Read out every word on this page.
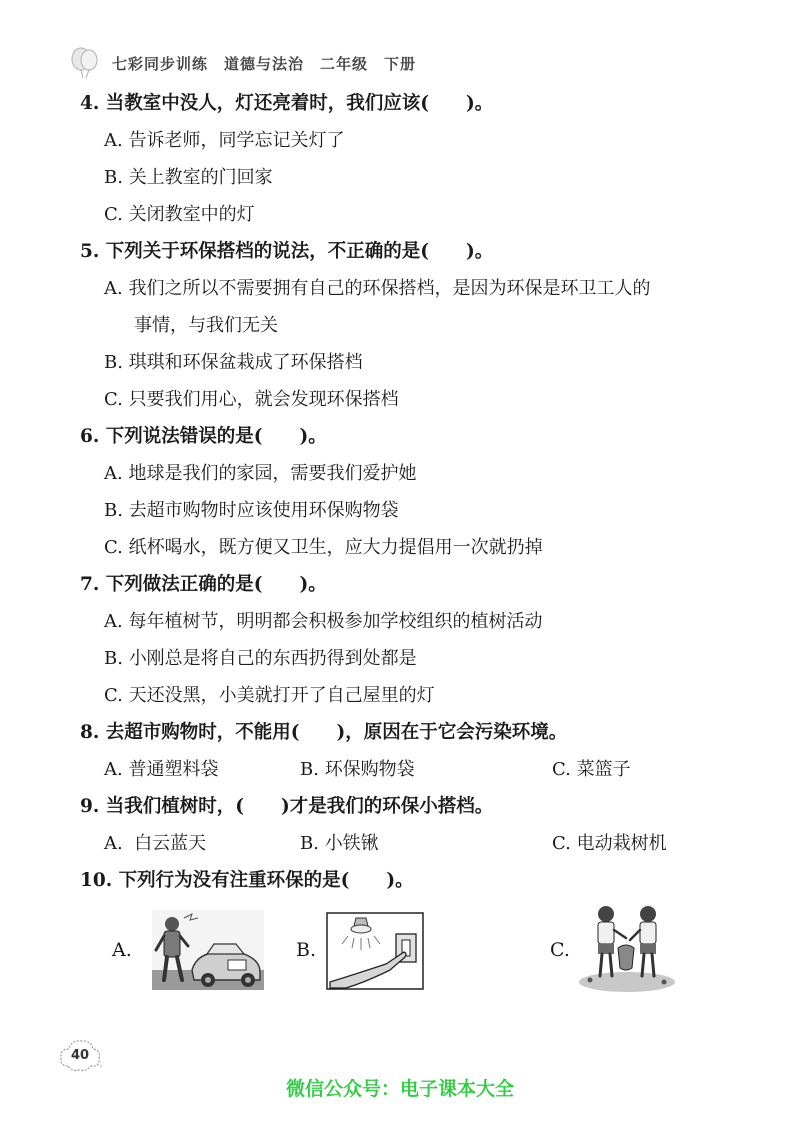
七彩同步训练　道德与法治　二年级　下册
4. 当教室中没人，灯还亮着时，我们应该(　　)。
A. 告诉老师，同学忘记关灯了
B. 关上教室的门回家
C. 关闭教室中的灯
5. 下列关于环保搭档的说法，不正确的是(　　)。
A. 我们之所以不需要拥有自己的环保搭档，是因为环保是环卫工人的
事情，与我们无关
B. 琪琪和环保盆栽成了环保搭档
C. 只要我们用心，就会发现环保搭档
6. 下列说法错误的是(　　)。
A. 地球是我们的家园，需要我们爱护她
B. 去超市购物时应该使用环保购物袋
C. 纸杯喝水，既方便又卫生，应大力提倡用一次就扔掉
7. 下列做法正确的是(　　)。
A. 每年植树节，明明都会积极参加学校组织的植树活动
B. 小刚总是将自己的东西扔得到处都是
C. 天还没黑，小美就打开了自己屋里的灯
8. 去超市购物时，不能用(　　)，原因在于它会污染环境。
A. 普通塑料袋	B. 环保购物袋	C. 菜篮子
9. 当我们植树时，(　　)才是我们的环保小搭档。
A. 白云蓝天	B. 小铁锹	C. 电动栽树机
10. 下列行为没有注重环保的是(　　)。
A.	B.	C.
40
微信公众号：电子课本大全
